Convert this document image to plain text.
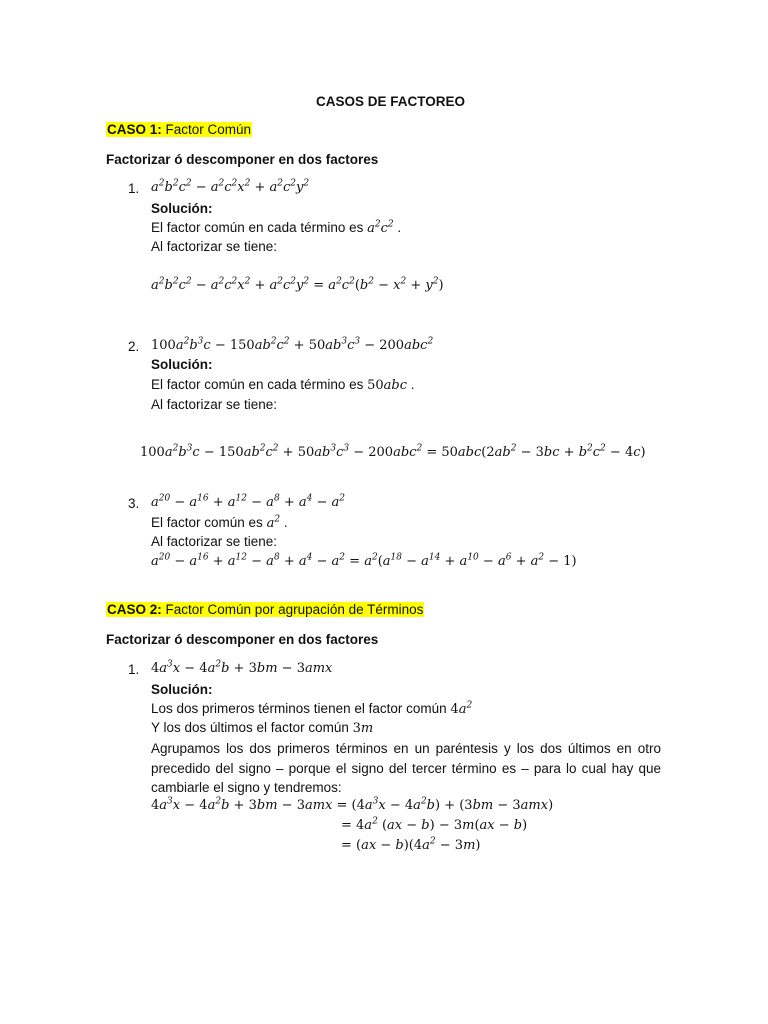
CASOS DE FACTOREO
CASO 1: Factor Común
Factorizar ó descomponer en dos factores
1. $a^2b^2c^2 - a^2c^2x^2 + a^2c^2y^2$
Solución:
El factor común en cada término es $a^2c^2$ .
Al factorizar se tiene:
$a^2b^2c^2 - a^2c^2x^2 + a^2c^2y^2 = a^2c^2(b^2 - x^2 + y^2)$
2. $100a^2b^3c - 150ab^2c^2 + 50ab^3c^3 - 200abc^2$
Solución:
El factor común en cada término es 50abc .
Al factorizar se tiene:
$100a^2b^3c - 150ab^2c^2 + 50ab^3c^3 - 200abc^2 = 50abc(2ab^2 - 3bc + b^2c^2 - 4c)$
3. $a^{20} - a^{16} + a^{12} - a^8 + a^4 - a^2$
El factor común es $a^2$ .
Al factorizar se tiene:
$a^{20} - a^{16} + a^{12} - a^8 + a^4 - a^2 = a^2(a^{18} - a^{14} + a^{10} - a^6 + a^2 - 1)$
CASO 2: Factor Común por agrupación de Términos
Factorizar ó descomponer en dos factores
1. $4a^3x - 4a^2b + 3bm - 3amx$
Solución:
Los dos primeros términos tienen el factor común $4a^2$
Y los dos últimos el factor común 3m
Agrupamos los dos primeros términos en un paréntesis y los dos últimos en otro precedido del signo – porque el signo del tercer término es – para lo cual hay que cambiarle el signo y tendremos:
$4a^3x - 4a^2b + 3bm - 3amx = (4a^3x - 4a^2b) + (3bm - 3amx)$
= $4a^2$ (ax − b) − 3m(ax − b)
= $(ax - b)(4a^2 - 3m)$
